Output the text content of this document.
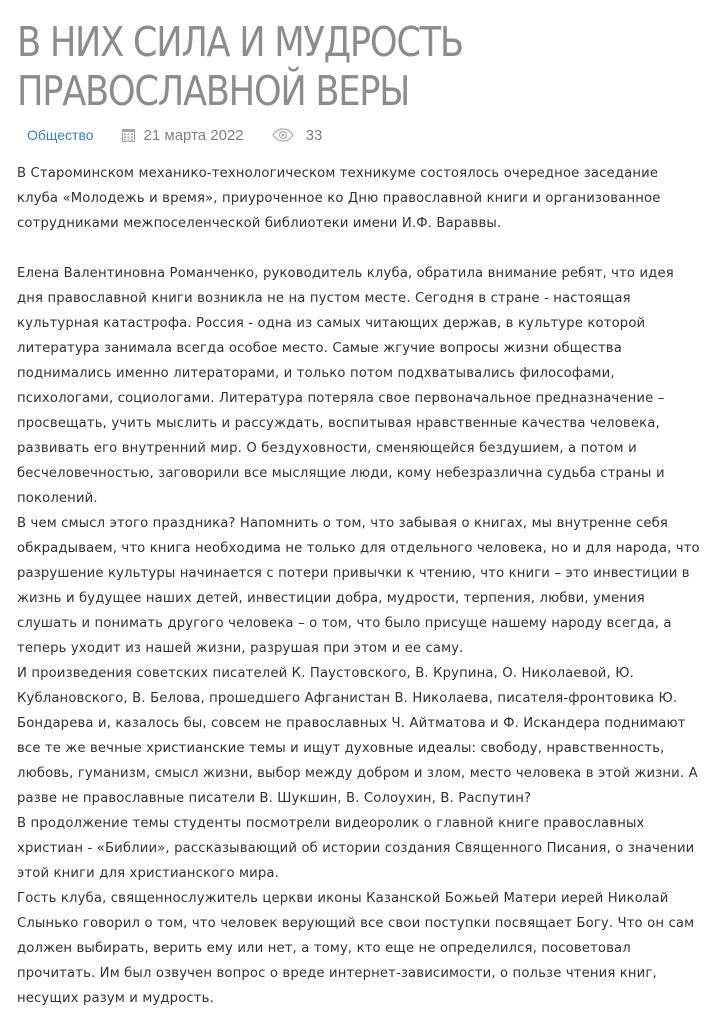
В НИХ СИЛА И МУДРОСТЬ
ПРАВОСЛАВНОЙ ВЕРЫ
Общество	21 марта 2022	33

В Староминском механико-технологическом техникуме состоялось очередное заседание клуба «Молодежь и время», приуроченное ко Дню православной книги и организованное сотрудниками межпоселенческой библиотеки имени И.Ф. Вараввы.

Елена Валентиновна Романченко, руководитель клуба, обратила внимание ребят, что идея дня православной книги возникла не на пустом месте. Сегодня в стране - настоящая культурная катастрофа. Россия - одна из самых читающих держав, в культуре которой литература занимала всегда особое место. Самые жгучие вопросы жизни общества поднимались именно литераторами, и только потом подхватывались философами, психологами, социологами. Литература потеряла свое первоначальное предназначение – просвещать, учить мыслить и рассуждать, воспитывая нравственные качества человека, развивать его внутренний мир. О бездуховности, сменяющейся бездушием, а потом и бесчеловечностью, заговорили все мыслящие люди, кому небезразлична судьба страны и поколений.

В чем смысл этого праздника? Напомнить о том, что забывая о книгах, мы внутренне себя обкрадываем, что книга необходима не только для отдельного человека, но и для народа, что разрушение культуры начинается с потери привычки к чтению, что книги – это инвестиции в жизнь и будущее наших детей, инвестиции добра, мудрости, терпения, любви, умения слушать и понимать другого человека – о том, что было присуще нашему народу всегда, а теперь уходит из нашей жизни, разрушая при этом и ее саму.

И произведения советских писателей К. Паустовского, В. Крупина, О. Николаевой, Ю. Кублановского, В. Белова, прошедшего Афганистан В. Николаева, писателя-фронтовика Ю. Бондарева и, казалось бы, совсем не православных Ч. Айтматова и Ф. Искандера поднимают все те же вечные христианские темы и ищут духовные идеалы: свободу, нравственность, любовь, гуманизм, смысл жизни, выбор между добром и злом, место человека в этой жизни. А разве не православные писатели В. Шукшин, В. Солоухин, В. Распутин?

В продолжение темы студенты посмотрели видеоролик о главной книге православных христиан - «Библии», рассказывающий об истории создания Священного Писания, о значении этой книги для христианского мира.

Гость клуба, священнослужитель церкви иконы Казанской Божьей Матери иерей Николай Слынько говорил о том, что человек верующий все свои поступки посвящает Богу. Что он сам должен выбирать, верить ему или нет, а тому, кто еще не определился, посоветовал прочитать. Им был озвучен вопрос о вреде интернет-зависимости, о пользе чтения книг, несущих разум и мудрость.
